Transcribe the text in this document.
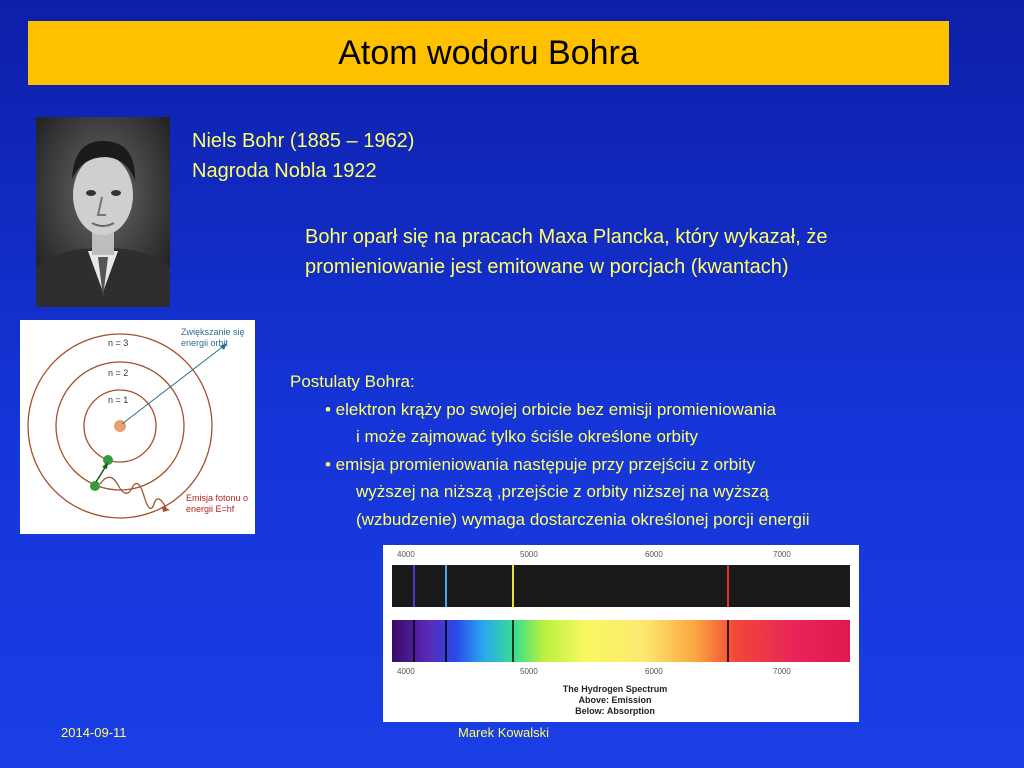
Atom wodoru Bohra
Niels Bohr (1885 – 1962)
Nagroda Nobla 1922
Bohr oparł się na pracach Maxa Plancka, który wykazał, że promieniowanie jest emitowane w porcjach (kwantach)
n = 3
n = 2
n = 1
Zwiększanie się
energii orbit
Emisja fotonu o
energii E=hf
Postulaty Bohra:
• elektron krąży po swojej orbicie bez emisji promieniowania
i może zajmować tylko ściśle określone orbity
• emisja promieniowania następuje przy przejściu z orbity
wyższej na niższą ,przejście z orbity niższej na wyższą
(wzbudzenie) wymaga dostarczenia określonej porcji energii
4000	5000	6000	7000
4000	5000	6000	7000
The Hydrogen Spectrum
Above: Emission
Below: Absorption
2014-09-11	Marek Kowalski
